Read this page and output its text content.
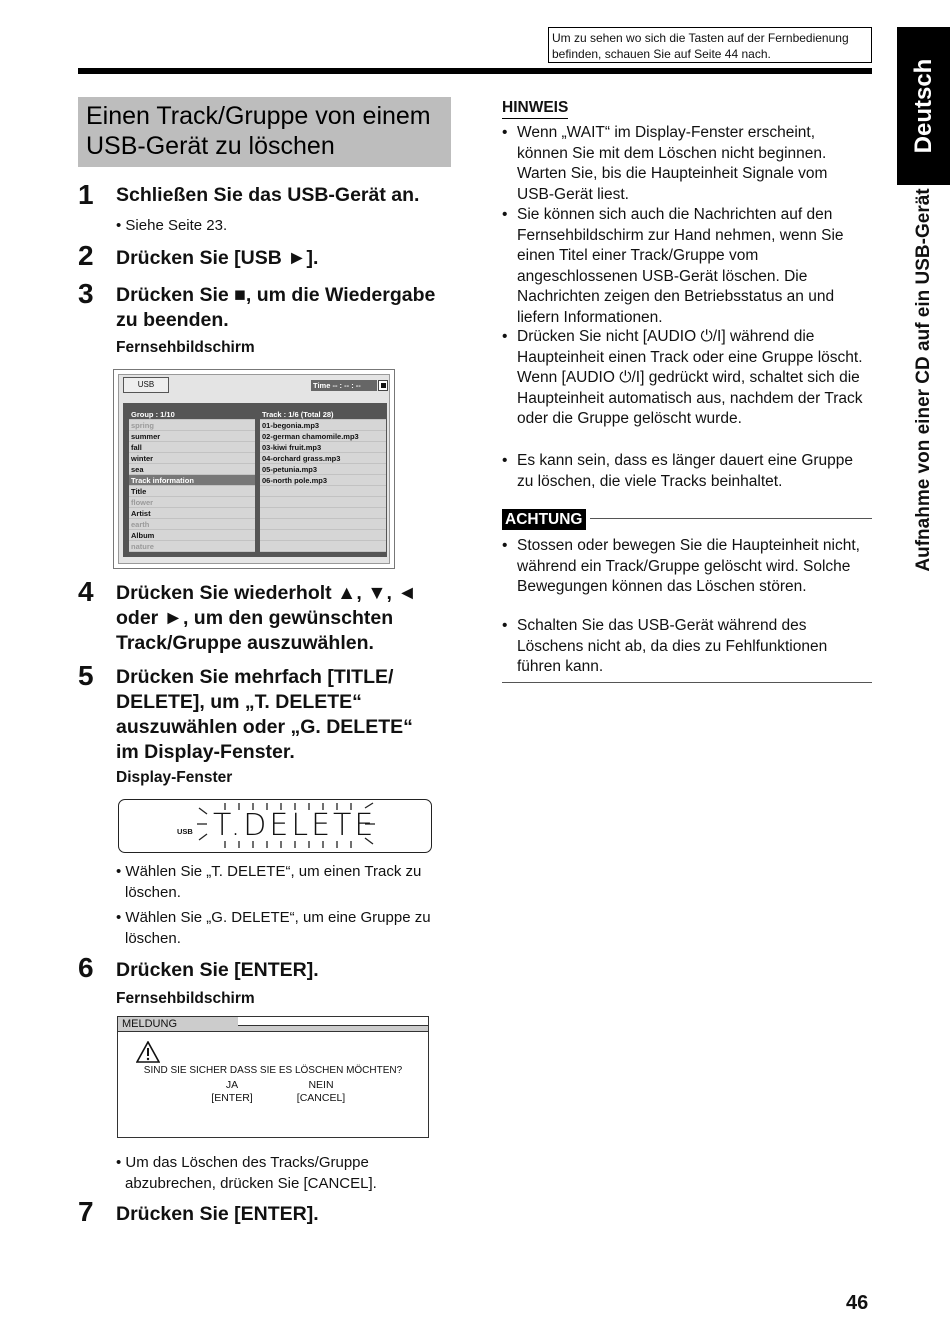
Um zu sehen wo sich die Tasten auf der Fernbedienung befinden, schauen Sie auf Seite 44 nach.
Deutsch
Aufnahme von einer CD auf ein USB-Gerät
Einen Track/Gruppe von einem USB-Gerät zu löschen
1 Schließen Sie das USB-Gerät an.
• Siehe Seite 23.
2 Drücken Sie [USB ►].
3 Drücken Sie ■, um die Wiedergabe zu beenden.
Fernsehbildschirm
USB	Time -- : -- : --
Group : 1/10
spring
summer
fall
winter
sea
Track information
Title
flower
Artist
earth
Album
nature
Track : 1/6 (Total 28)
01-begonia.mp3
02-german chamomile.mp3
03-kiwi fruit.mp3
04-orchard grass.mp3
05-petunia.mp3
06-north pole.mp3
4 Drücken Sie wiederholt ▲, ▼, ◄ oder ►, um den gewünschten Track/Gruppe auszuwählen.
5 Drücken Sie mehrfach [TITLE/ DELETE], um „T. DELETE“ auszuwählen oder „G. DELETE“ im Display-Fenster.
Display-Fenster
USB T.DELETE
• Wählen Sie „T. DELETE“, um einen Track zu löschen.
• Wählen Sie „G. DELETE“, um eine Gruppe zu löschen.
6 Drücken Sie [ENTER].
Fernsehbildschirm
MELDUNG
SIND SIE SICHER DASS SIE ES LÖSCHEN MÖCHTEN?
JA
[ENTER]
NEIN
[CANCEL]
• Um das Löschen des Tracks/Gruppe abzubrechen, drücken Sie [CANCEL].
7 Drücken Sie [ENTER].
HINWEIS
• Wenn „WAIT“ im Display-Fenster erscheint, können Sie mit dem Löschen nicht beginnen. Warten Sie, bis die Haupteinheit Signale vom USB-Gerät liest.
• Sie können sich auch die Nachrichten auf den Fernsehbildschirm zur Hand nehmen, wenn Sie einen Titel einer Track/Gruppe vom angeschlossenen USB-Gerät löschen. Die Nachrichten zeigen den Betriebsstatus an und liefern Informationen.
• Drücken Sie nicht [AUDIO ⏻/I] während die Haupteinheit einen Track oder eine Gruppe löscht. Wenn [AUDIO ⏻/I] gedrückt wird, schaltet sich die Haupteinheit automatisch aus, nachdem der Track oder die Gruppe gelöscht wurde.
• Es kann sein, dass es länger dauert eine Gruppe zu löschen, die viele Tracks beinhaltet.
ACHTUNG
• Stossen oder bewegen Sie die Haupteinheit nicht, während ein Track/Gruppe gelöscht wird. Solche Bewegungen können das Löschen stören.
• Schalten Sie das USB-Gerät während des Löschens nicht ab, da dies zu Fehlfunktionen führen kann.
46
